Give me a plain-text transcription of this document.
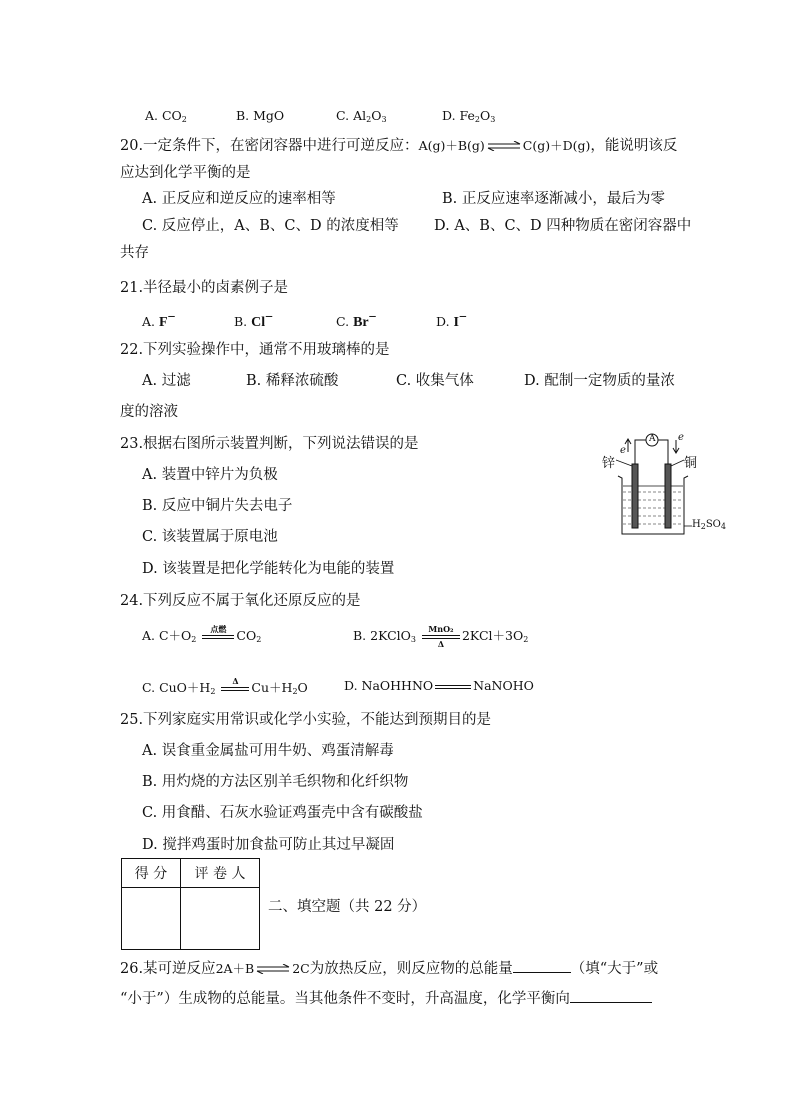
A. $CO_2$	B. MgO	C. $Al_2O_3$	D. $Fe_2O_3$
20.一定条件下，在密闭容器中进行可逆反应：A(g)＋B(g) ⇌ C(g)＋D(g)，能说明该反
应达到化学平衡的是
A. 正反应和逆反应的速率相等	B. 正反应速率逐渐减小，最后为零
C. 反应停止，A、B、C、D 的浓度相等 D. A、B、C、D 四种物质在密闭容器中
共存
21.半径最小的卤素例子是
A. F−	B. Cl−	C. Br−	D. I−
22.下列实验操作中，通常不用玻璃棒的是
A. 过滤	B. 稀释浓硫酸	C. 收集气体	D. 配制一定物质的量浓
度的溶液
23.根据右图所示装置判断，下列说法错误的是
A. 装置中锌片为负极
B. 反应中铜片失去电子
C. 该装置属于原电池
D. 该装置是把化学能转化为电能的装置
A
e
e
锌	铜
$H_2SO_4$
24.下列反应不属于氧化还原反应的是
A. $C+O_2$
点燃 $CO_2$	B. 2KClO$_3$
MnO₂
Δ
$2KCl+3O_2$
C. $CuO+H_2$
Δ	$Cu+H_2O$	D. NaOHHNO	NaNOHO
25.下列家庭实用常识或化学小实验，不能达到预期目的是
A. 误食重金属盐可用牛奶、鸡蛋清解毒
B. 用灼烧的方法区别羊毛织物和化纤织物
C. 用食醋、石灰水验证鸡蛋壳中含有碳酸盐
D. 搅拌鸡蛋时加食盐可防止其过早凝固
得 分	评 卷 人

二、填空题（共 22 分）
26.某可逆反应2A＋B ⇌ 2C为放热反应，则反应物的总能量	（填“大于”或
“小于”）生成物的总能量。当其他条件不变时，升高温度，化学平衡向
